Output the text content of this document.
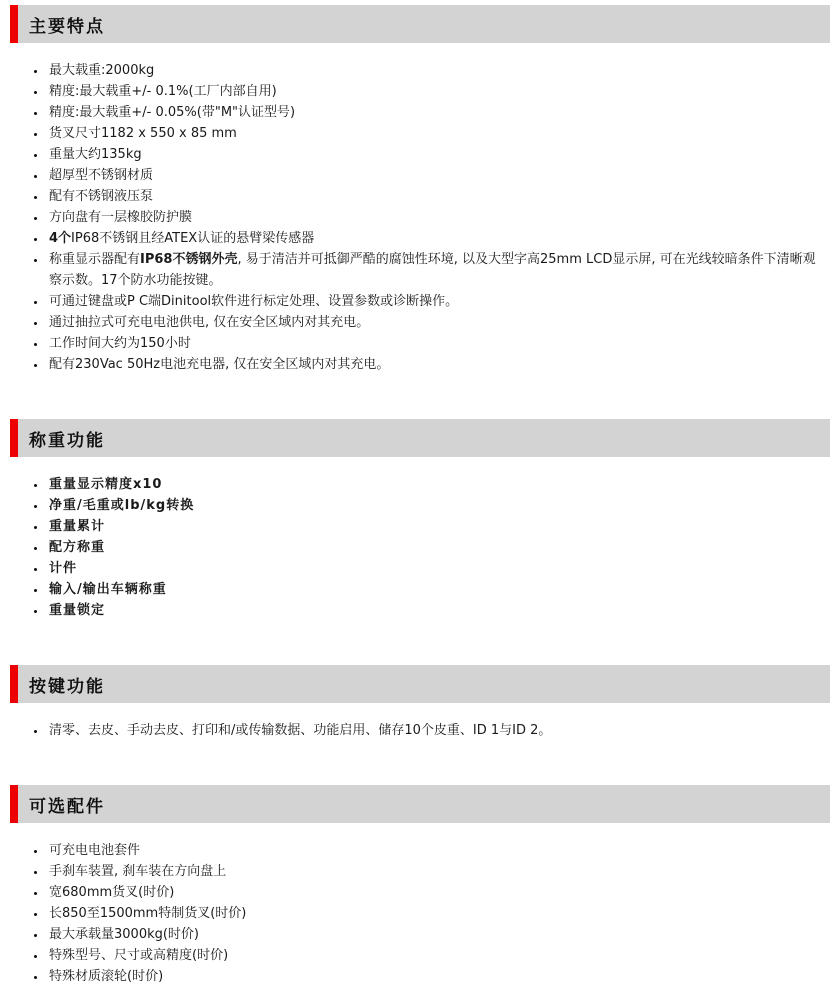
主要特点
• 最大载重:2000kg
• 精度:最大载重+/- 0.1%(工厂内部自用)
• 精度:最大载重+/- 0.05%(带"M"认证型号)
• 货叉尺寸1182 x 550 x 85 mm
• 重量大约135kg
• 超厚型不锈钢材质
• 配有不锈钢液压泵
• 方向盘有一层橡胶防护膜
• 4个IP68不锈钢且经ATEX认证的悬臂梁传感器
• 称重显示器配有IP68不锈钢外壳, 易于清洁并可抵御严酷的腐蚀性环境, 以及大型字高25mm LCD显示屏, 可在光线较暗条件下清晰观察示数。17个防水功能按键。
• 可通过键盘或P C端Dinitool软件进行标定处理、设置参数或诊断操作。
• 通过抽拉式可充电电池供电, 仅在安全区域内对其充电。
• 工作时间大约为150小时
• 配有230Vac 50Hz电池充电器, 仅在安全区域内对其充电。
称重功能
• 重量显示精度x10
• 净重/毛重或lb/kg转换
• 重量累计
• 配方称重
• 计件
• 输入/输出车辆称重
• 重量锁定
按键功能
• 清零、去皮、手动去皮、打印和/或传输数据、功能启用、储存10个皮重、ID 1与ID 2。
可选配件
• 可充电电池套件
• 手刹车装置, 刹车装在方向盘上
• 宽680mm货叉(时价)
• 长850至1500mm特制货叉(时价)
• 最大承载量3000kg(时价)
• 特殊型号、尺寸或高精度(时价)
• 特殊材质滚轮(时价)
